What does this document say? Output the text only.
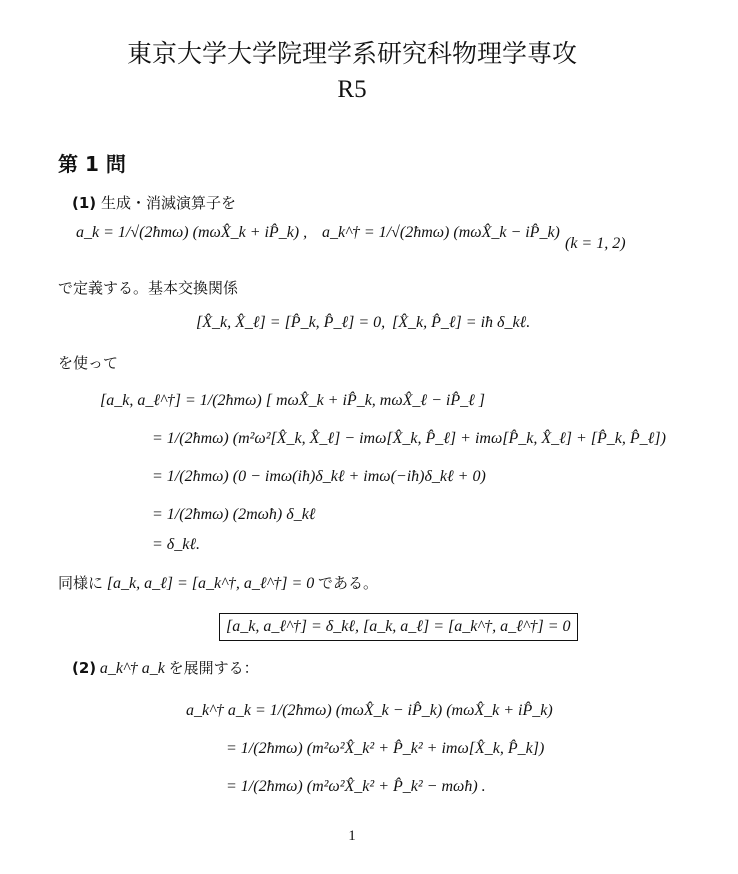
東京大学大学院理学系研究科物理学専攻
R5
第 1 問
(1) 生成・消滅演算子を
a_k = 1/√(2ħmω) (mωX̂_k + iP̂_k) , a_k^† = 1/√(2ħmω) (mωX̂_k − iP̂_k)
(k = 1, 2)
で定義する。基本交換関係
[X̂_k, X̂_ℓ] = [P̂_k, P̂_ℓ] = 0, [X̂_k, P̂_ℓ] = iħ δ_kℓ.
を使って
[a_k, a_ℓ^†] = 1/(2ħmω) [ mωX̂_k + iP̂_k, mωX̂_ℓ − iP̂_ℓ ]
= 1/(2ħmω) (m²ω²[X̂_k, X̂_ℓ] − imω[X̂_k, P̂_ℓ] + imω[P̂_k, X̂_ℓ] + [P̂_k, P̂_ℓ])
= 1/(2ħmω) (0 − imω(iħ)δ_kℓ + imω(−iħ)δ_kℓ + 0)
= 1/(2ħmω) (2mωħ) δ_kℓ
= δ_kℓ.
同様に [a_k, a_ℓ] = [a_k^†, a_ℓ^†] = 0 である。
[a_k, a_ℓ^†] = δ_kℓ, [a_k, a_ℓ] = [a_k^†, a_ℓ^†] = 0
(2) a_k^† a_k を展開する：
a_k^† a_k = 1/(2ħmω) (mωX̂_k − iP̂_k) (mωX̂_k + iP̂_k)
= 1/(2ħmω) (m²ω²X̂_k² + P̂_k² + imω[X̂_k, P̂_k])
= 1/(2ħmω) (m²ω²X̂_k² + P̂_k² − mωħ) .
1
